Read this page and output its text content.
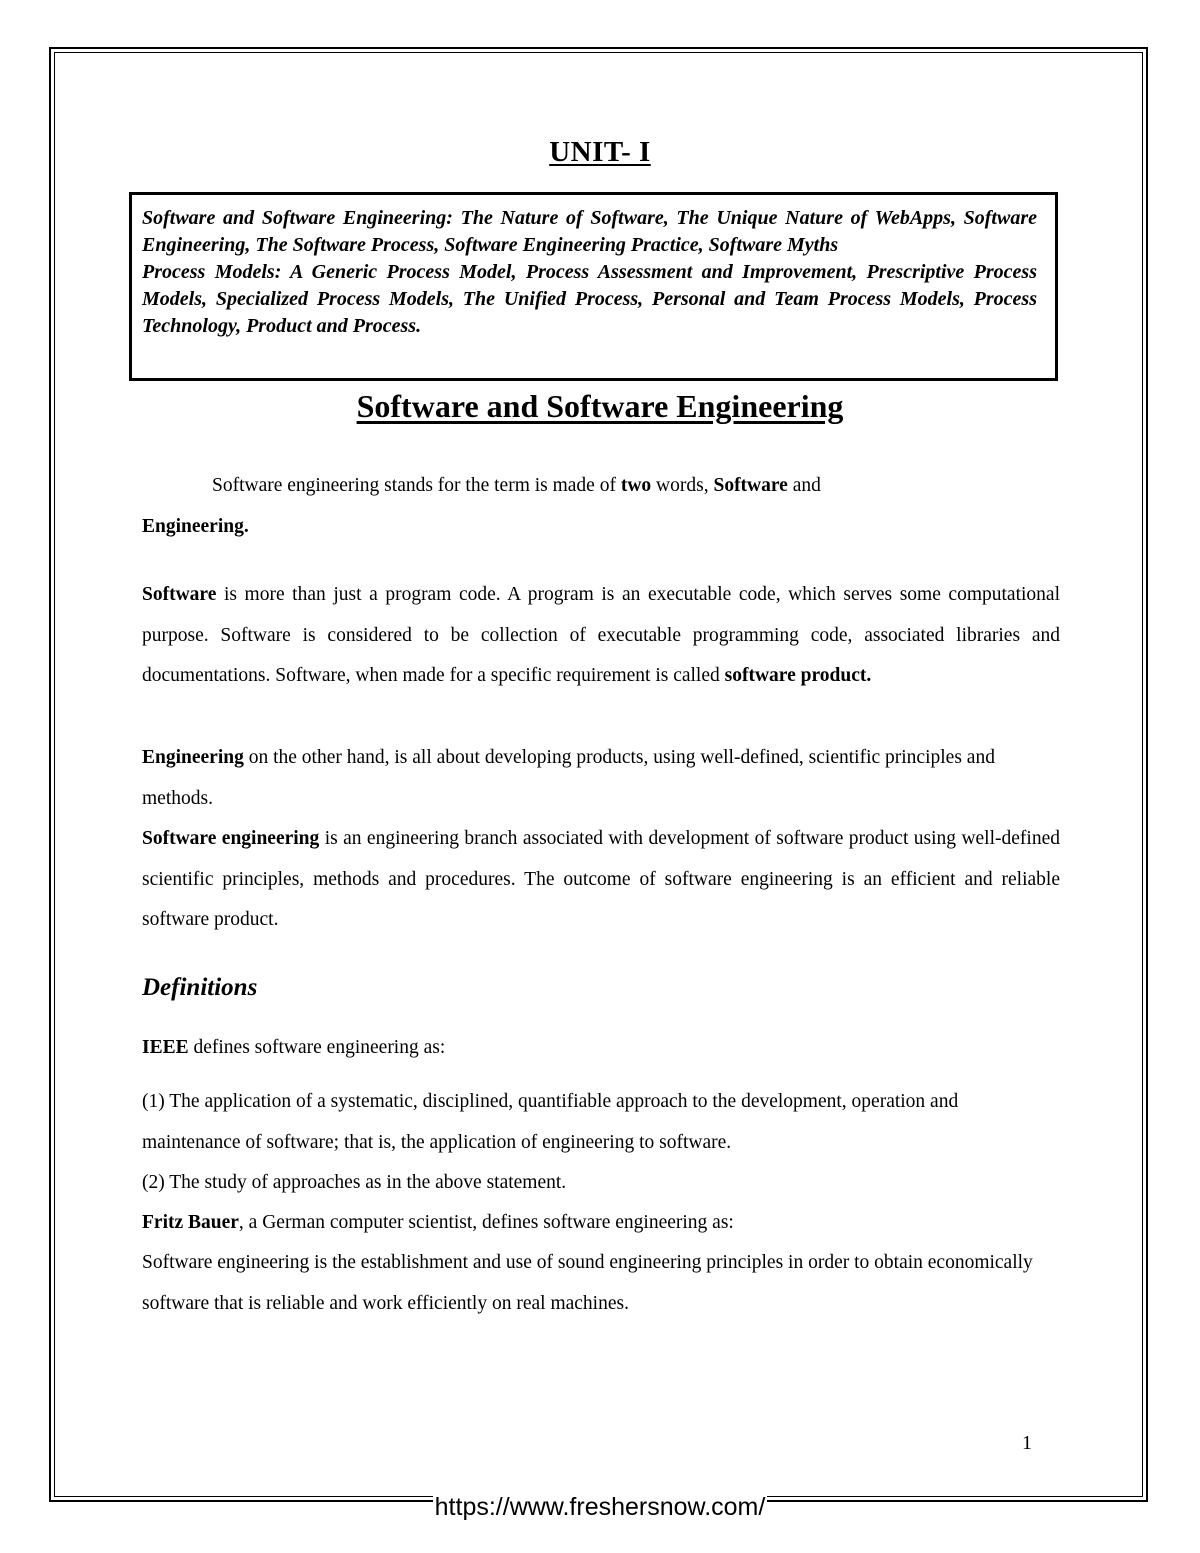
UNIT- I

Software and Software Engineering: The Nature of Software, The Unique Nature of WebApps, Software Engineering, The Software Process, Software Engineering Practice, Software Myths

Process Models: A Generic Process Model, Process Assessment and Improvement, Prescriptive Process Models, Specialized Process Models, The Unified Process, Personal and Team Process Models, Process Technology, Product and Process.

Software and Software Engineering

Software engineering stands for the term is made of two words, Software and
Engineering.

Software is more than just a program code. A program is an executable code, which serves some computational purpose. Software is considered to be collection of executable programming code, associated libraries and documentations. Software, when made for a specific requirement is called software product.

Engineering on the other hand, is all about developing products, using well-defined, scientific principles and methods.

Software engineering is an engineering branch associated with development of software product using well-defined scientific principles, methods and procedures. The outcome of software engineering is an efficient and reliable software product.

Definitions

IEEE defines software engineering as:

(1) The application of a systematic, disciplined, quantifiable approach to the development, operation and maintenance of software; that is, the application of engineering to software.

(2) The study of approaches as in the above statement.

Fritz Bauer, a German computer scientist, defines software engineering as:

Software engineering is the establishment and use of sound engineering principles in order to obtain economically software that is reliable and work efficiently on real machines.

1

https://www.freshersnow.com/
